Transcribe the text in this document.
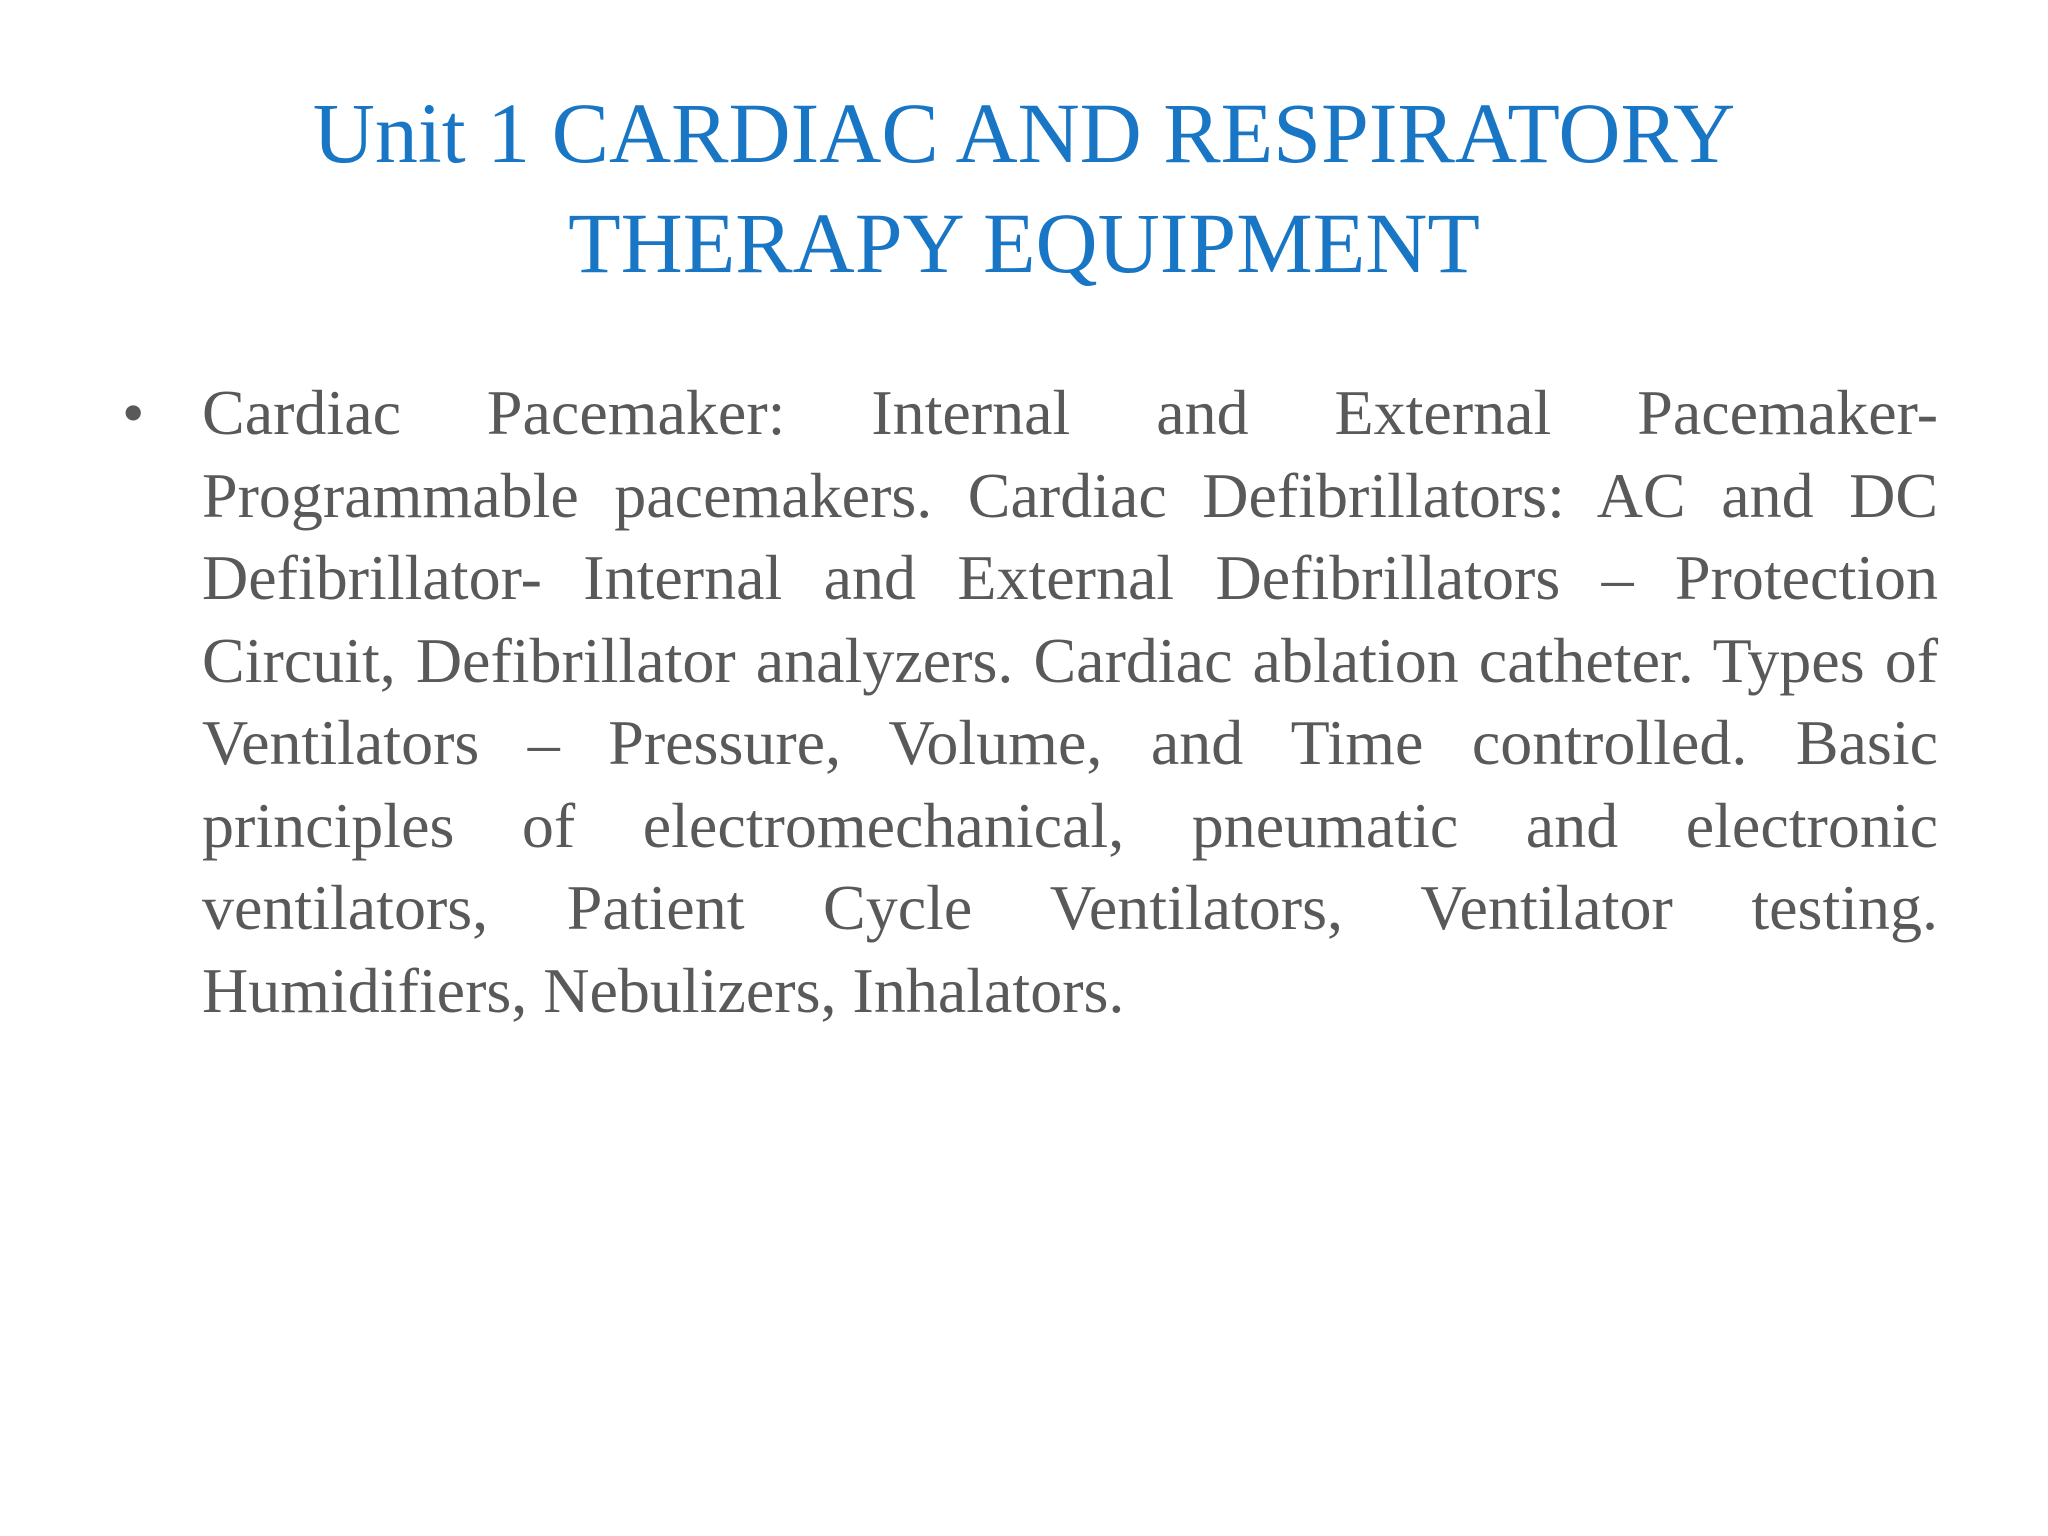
Unit 1 CARDIAC AND RESPIRATORY
THERAPY EQUIPMENT
• Cardiac Pacemaker: Internal and External Pacemaker- Programmable pacemakers. Cardiac Defibrillators: AC and DC Defibrillator- Internal and External Defibrillators – Protection Circuit, Defibrillator analyzers. Cardiac ablation catheter. Types of Ventilators – Pressure, Volume, and Time controlled. Basic principles of electromechanical, pneumatic and electronic ventilators, Patient Cycle Ventilators, Ventilator testing. Humidifiers, Nebulizers, Inhalators.
